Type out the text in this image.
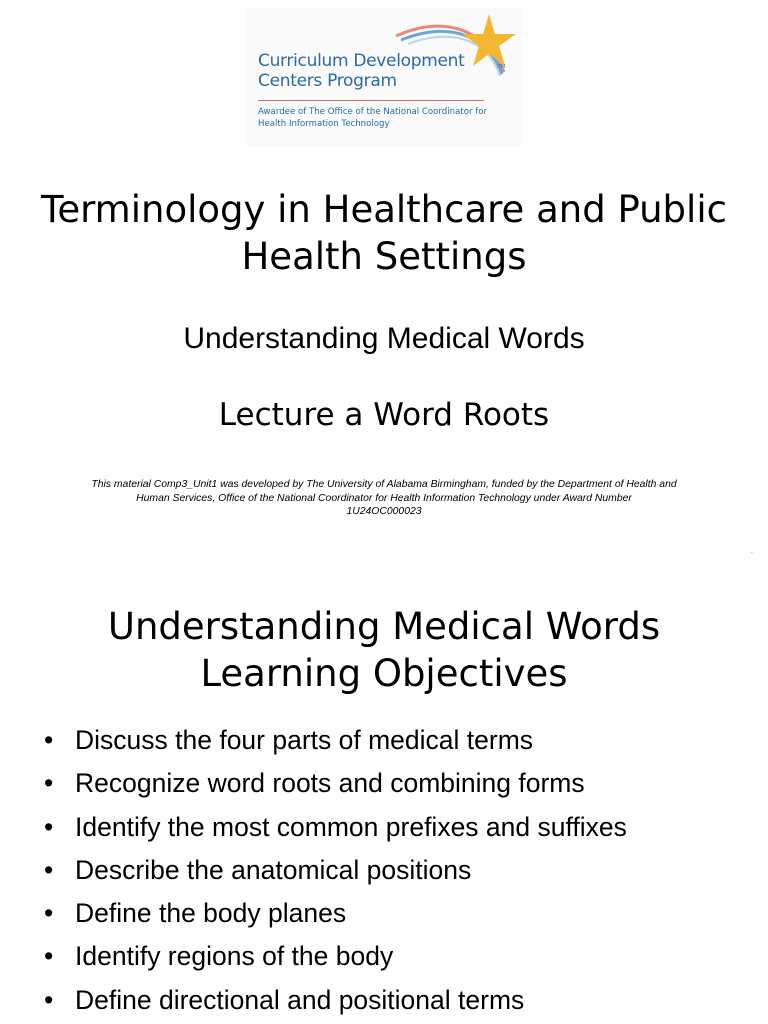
Curriculum Development
Centers Program
TM
Awardee of The Office of the National Coordinator for
Health Information Technology
Terminology in Healthcare and Public
Health Settings
Understanding Medical Words
Lecture a Word Roots
This material Comp3_Unit1 was developed by The University of Alabama Birmingham, funded by the Department of Health and
Human Services, Office of the National Coordinator for Health Information Technology under Award Number
1U24OC000023
.
Understanding Medical Words
Learning Objectives
• Discuss the four parts of medical terms
• Recognize word roots and combining forms
• Identify the most common prefixes and suffixes
• Describe the anatomical positions
• Define the body planes
• Identify regions of the body
• Define directional and positional terms
